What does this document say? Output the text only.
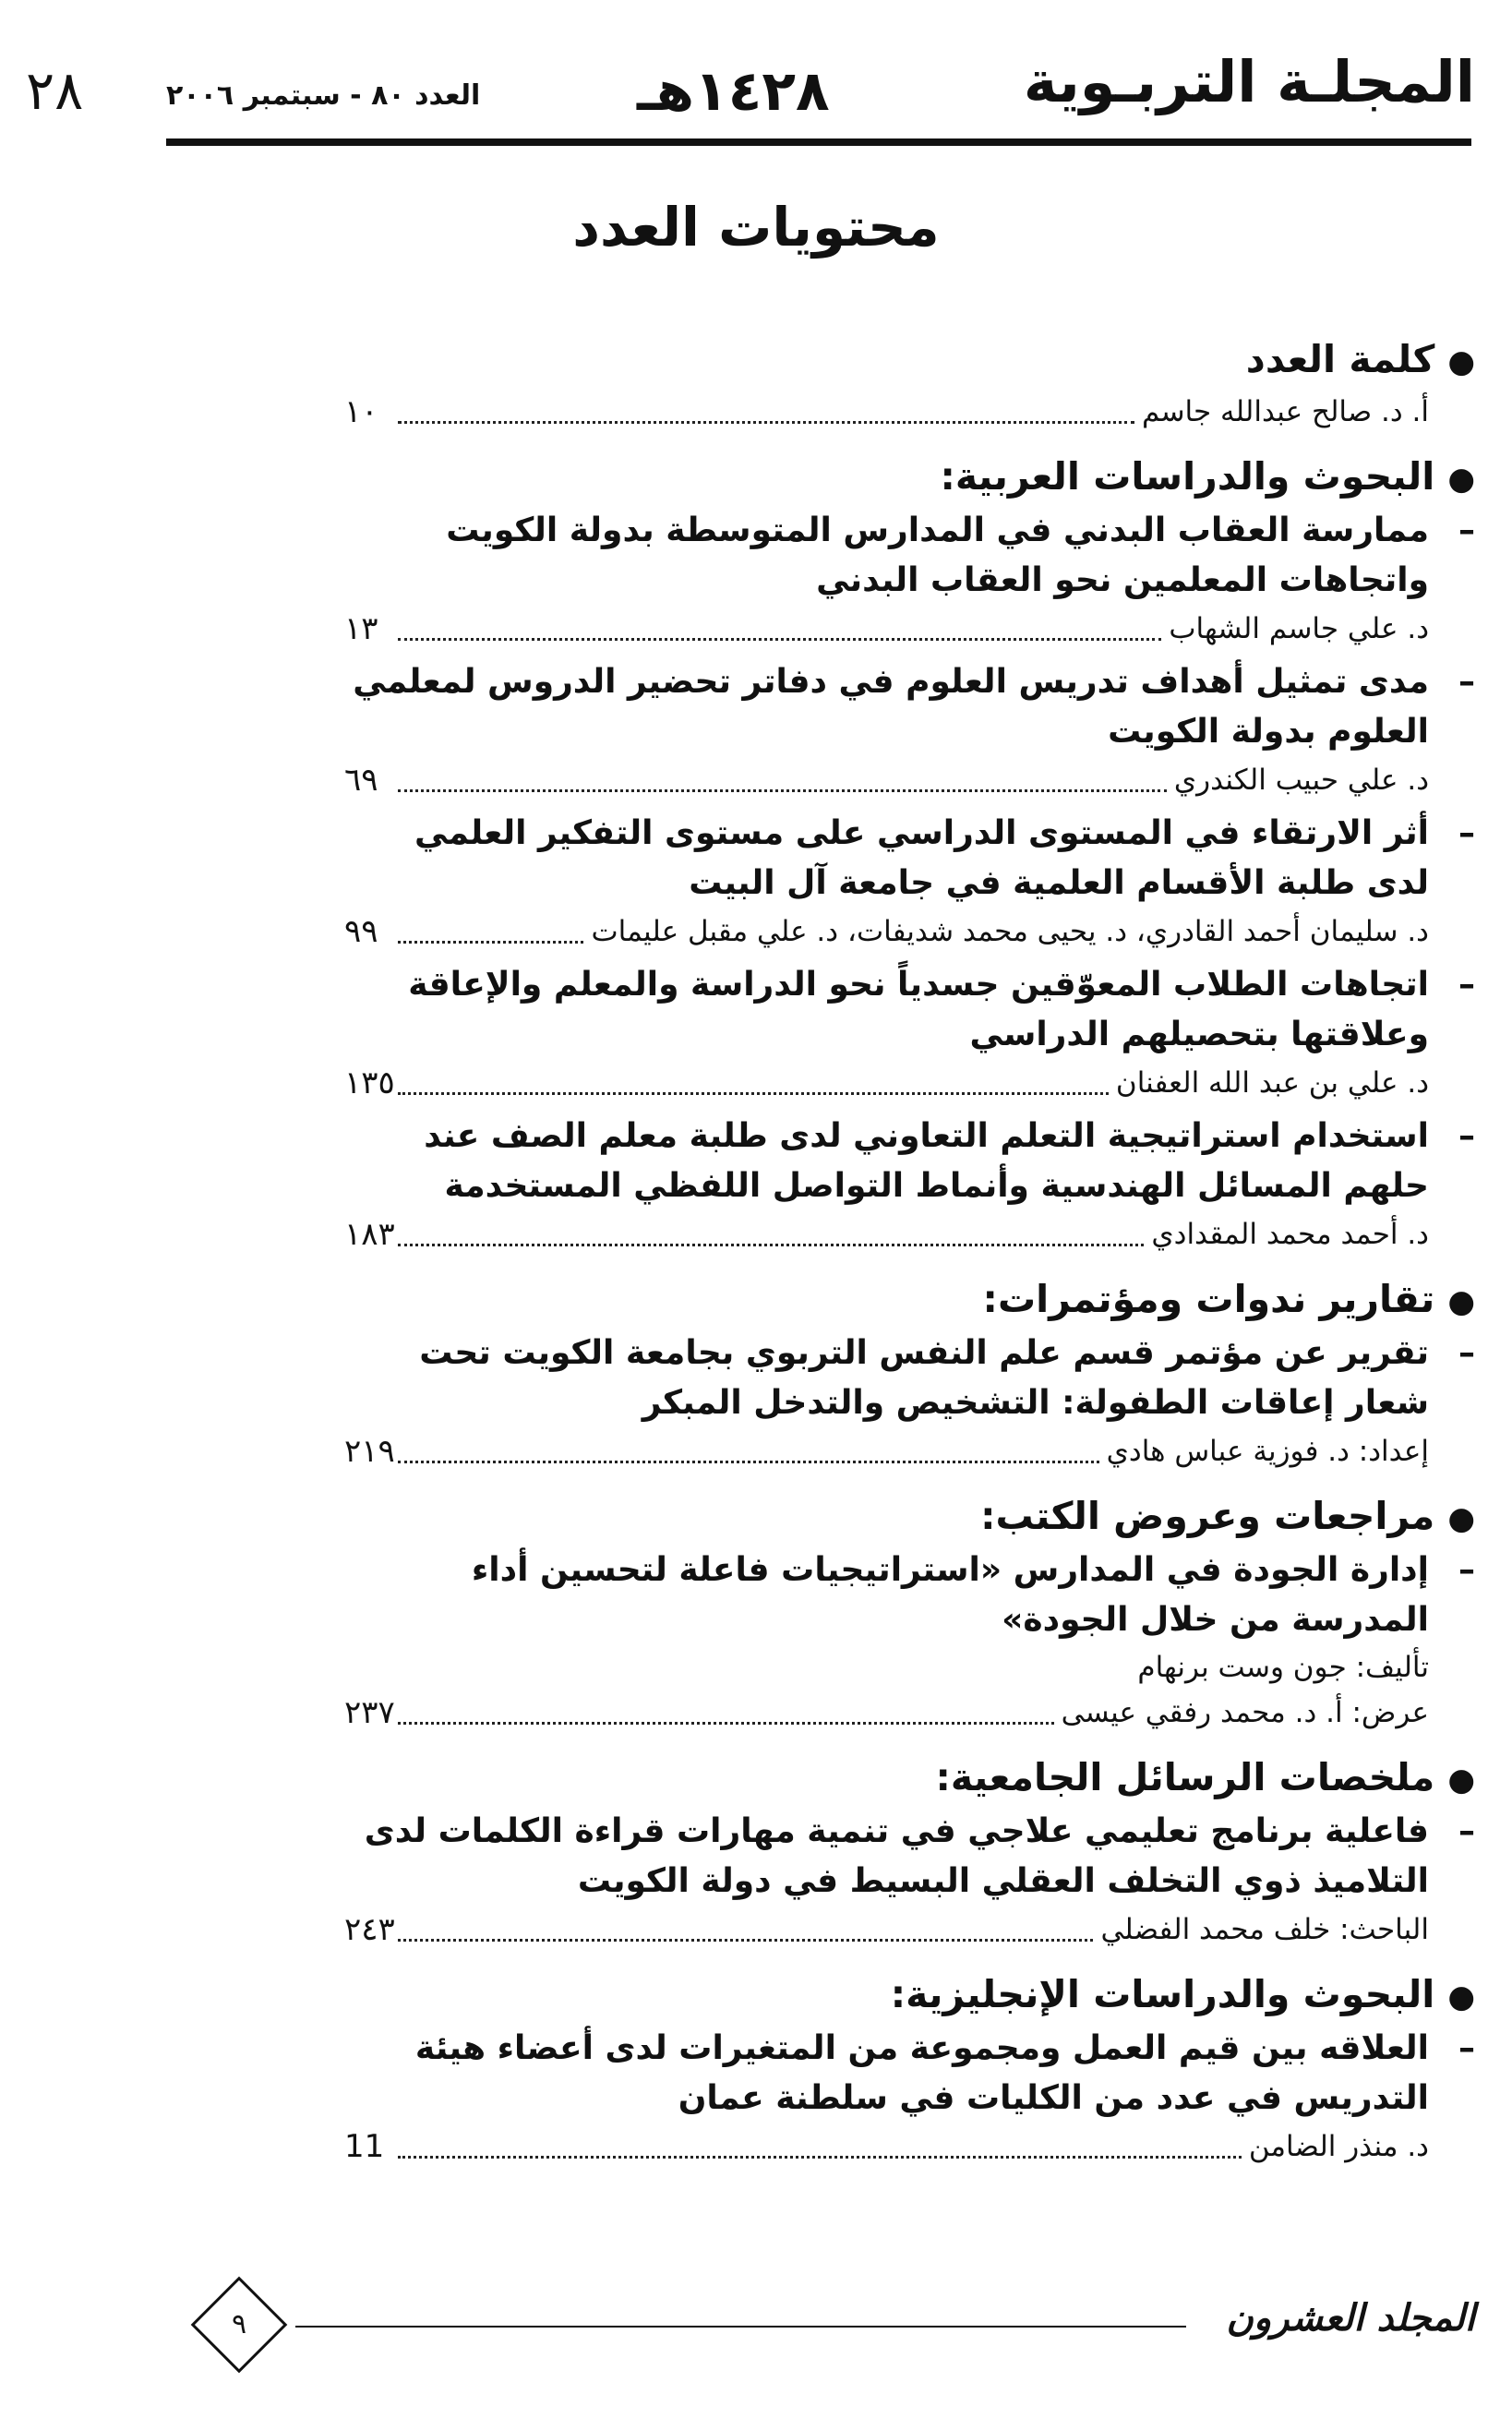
المجلـة التربـوية
١٤٢٨هـ
العدد ٨٠ - سبتمبر ٢٠٠٦
٢٨
محتويات العدد
●كلمة العدد
أ. د. صالح عبدالله جاسم
١٠
●البحوث والدراسات العربية:
–
ممارسة العقاب البدني في المدارس المتوسطة بدولة الكويت واتجاهات المعلمين نحو العقاب البدني
د. علي جاسم الشهاب
١٣
–
مدى تمثيل أهداف تدريس العلوم في دفاتر تحضير الدروس لمعلمي العلوم بدولة الكويت
د. علي حبيب الكندري
٦٩
–
أثر الارتقاء في المستوى الدراسي على مستوى التفكير العلمي لدى طلبة الأقسام العلمية في جامعة آل البيت
د. سليمان أحمد القادري، د. يحيى محمد شديفات، د. علي مقبل عليمات
٩٩
–
اتجاهات الطلاب المعوّقين جسدياً نحو الدراسة والمعلم والإعاقة وعلاقتها بتحصيلهم الدراسي
د. علي بن عبد الله العفنان
١٣٥
–
استخدام استراتيجية التعلم التعاوني لدى طلبة معلم الصف عند حلهم المسائل الهندسية وأنماط التواصل اللفظي المستخدمة
د. أحمد محمد المقدادي
١٨٣
●تقارير ندوات ومؤتمرات:
–
تقرير عن مؤتمر قسم علم النفس التربوي بجامعة الكويت تحت شعار إعاقات الطفولة: التشخيص والتدخل المبكر
إعداد: د. فوزية عباس هادي
٢١٩
●مراجعات وعروض الكتب:
–
إدارة الجودة في المدارس «استراتيجيات فاعلة لتحسين أداء المدرسة من خلال الجودة»
تأليف: جون وست برنهام
عرض: أ. د. محمد رفقي عيسى
٢٣٧
●ملخصات الرسائل الجامعية:
–
فاعلية برنامج تعليمي علاجي في تنمية مهارات قراءة الكلمات لدى التلاميذ ذوي التخلف العقلي البسيط في دولة الكويت
الباحث: خلف محمد الفضلي
٢٤٣
●البحوث والدراسات الإنجليزية:
–
العلاقه بين قيم العمل ومجموعة من المتغيرات لدى أعضاء هيئة التدريس في عدد من الكليات في سلطنة عمان
د. منذر الضامن
11
المجلد العشرون
٩
